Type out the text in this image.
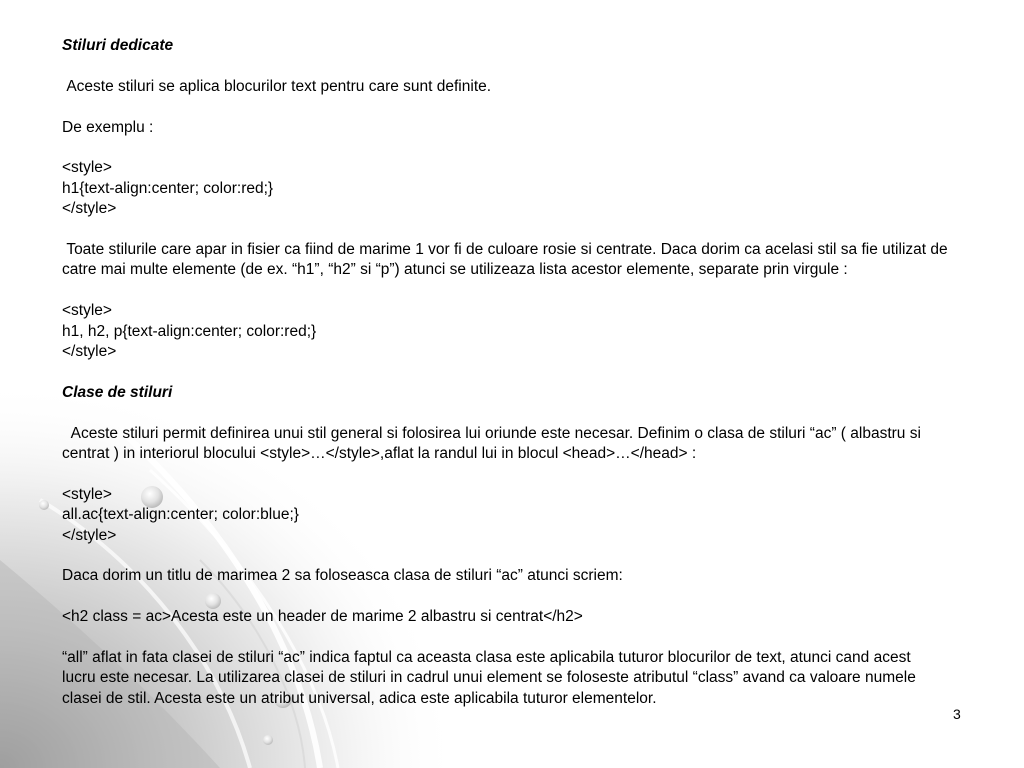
Stiluri dedicate

Aceste stiluri se aplica blocurilor text pentru care sunt definite.

De exemplu :

<style>

h1{text-align:center; color:red;}

</style>

Toate stilurile care apar in fisier ca fiind de marime 1 vor fi de culoare rosie si centrate. Daca dorim ca acelasi stil sa fie utilizat de catre mai multe elemente (de ex. “h1”, “h2” si “p”) atunci se utilizeaza lista acestor elemente, separate prin virgule :

<style>

h1, h2, p{text-align:center; color:red;}

</style>

Clase de stiluri

Aceste stiluri permit definirea unui stil general si folosirea lui oriunde este necesar. Definim o clasa de stiluri “ac” ( albastru si centrat ) in interiorul blocului <style>…</style>,aflat la randul lui in blocul <head>…</head> :

<style>

all.ac{text-align:center; color:blue;}

</style>

Daca dorim un titlu de marimea 2 sa foloseasca clasa de stiluri “ac” atunci scriem:

<h2 class = ac>Acesta este un header de marime 2 albastru si centrat</h2>

“all” aflat in fata clasei de stiluri “ac” indica faptul ca aceasta clasa este aplicabila tuturor blocurilor de text, atunci cand acest lucru este necesar. La utilizarea clasei de stiluri in cadrul unui element se foloseste atributul “class” avand ca valoare numele clasei de stil. Acesta este un atribut universal, adica este aplicabila tuturor elementelor.

3
